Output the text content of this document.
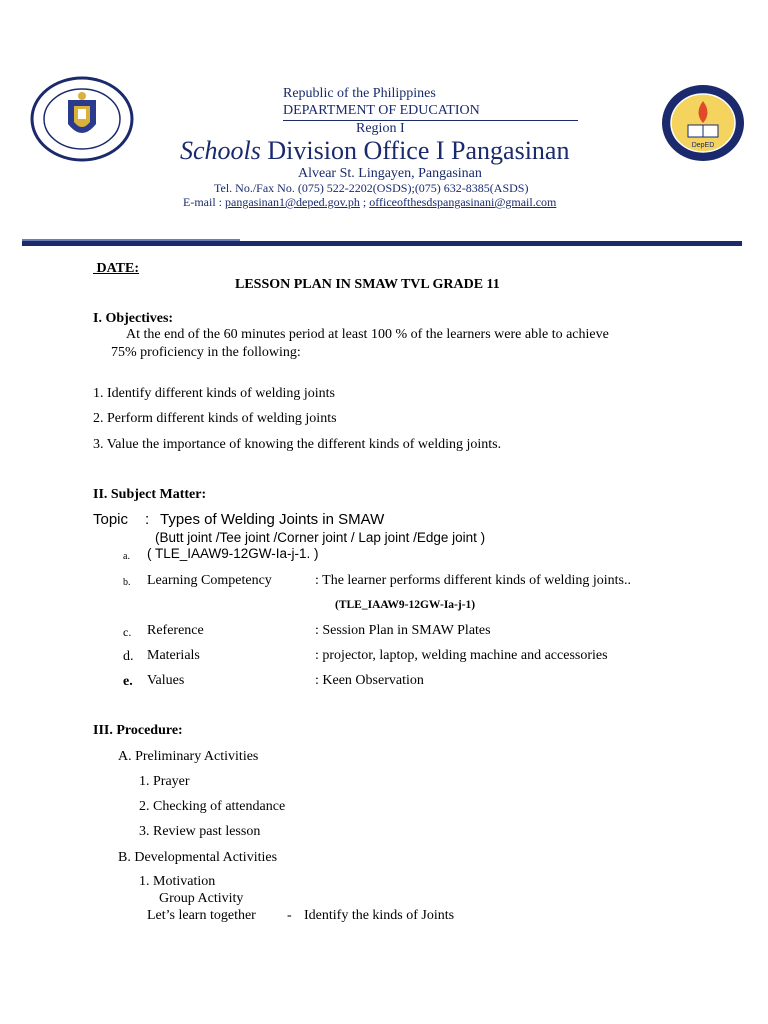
DepED
Republic of the Philippines
DEPARTMENT OF EDUCATION
Region I
Schools Division Office I Pangasinan
Alvear St. Lingayen, Pangasinan
Tel. No./Fax No. (075) 522-2202(OSDS);(075) 632-8385(ASDS)
E-mail : pangasinan1@deped.gov.ph ; officeofthesdspangasinani@gmail.com
DATE:
LESSON PLAN IN SMAW TVL GRADE 11
I. Objectives:
At the end of the 60 minutes period at least 100 % of the learners were able to achieve
75% proficiency in the following:
1. Identify different kinds of welding joints
2. Perform different kinds of welding joints
3. Value the importance of knowing the different kinds of welding joints.
II. Subject Matter:
Topic : Types of Welding Joints in SMAW
(Butt joint /Tee joint /Corner joint / Lap joint /Edge joint )
a. ( TLE_IAAW9-12GW-Ia-j-1. )
b. Learning Competency	: The learner performs different kinds of welding joints..
(TLE_IAAW9-12GW-Ia-j-1)
c. Reference	: Session Plan in SMAW Plates
d. Materials	: projector, laptop, welding machine and accessories
e. Values	: Keen Observation
III. Procedure:
A. Preliminary Activities
1. Prayer
2. Checking of attendance
3. Review past lesson
B. Developmental Activities
1. Motivation
Group Activity
Let’s learn together - Identify the kinds of Joints
